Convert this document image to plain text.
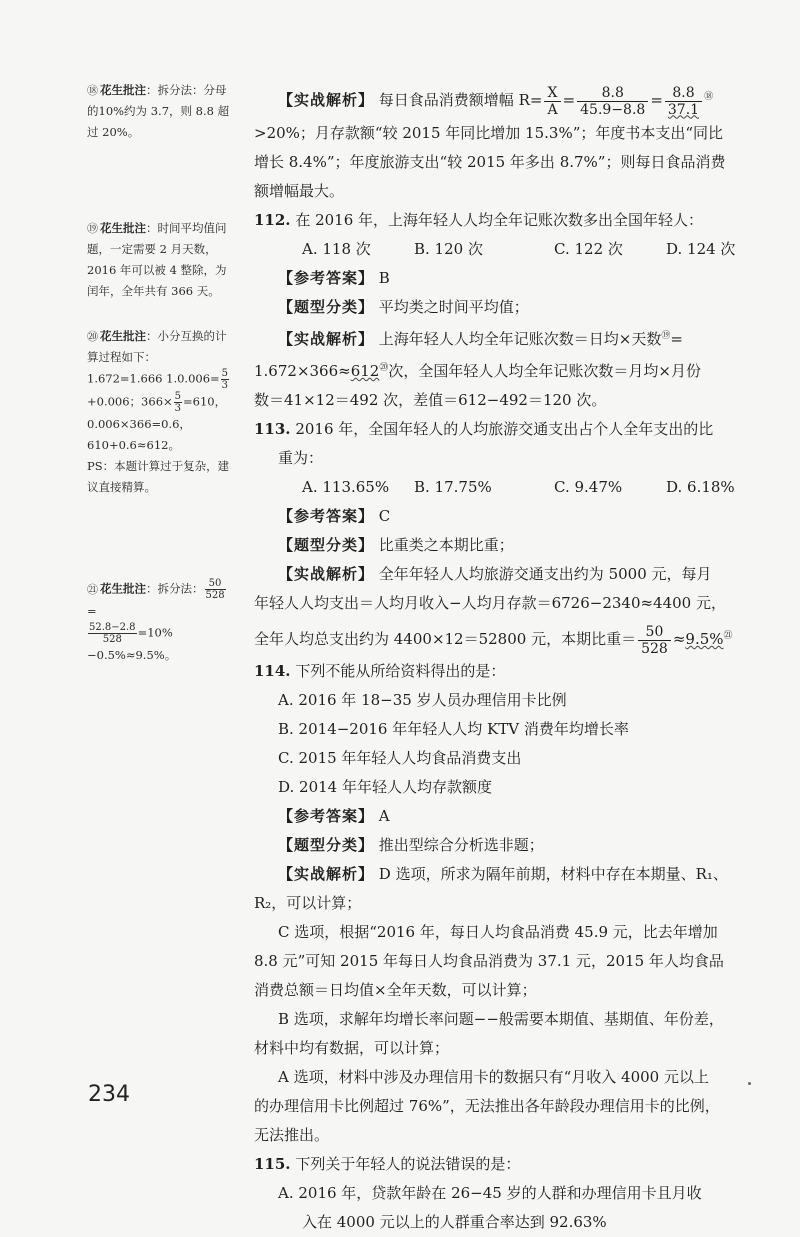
⑱ 花生批注：拆分法：分母的10%约为 3.7，则 8.8 超过 20%。
⑲ 花生批注：时间平均值问题，一定需要 2 月天数，2016 年可以被 4 整除，为闰年，全年共有 366 天。
⑳ 花生批注：小分互换的计算过程如下：
1.672=1.666 $1.0.006= \frac{5}{3}$
+0.006；$366\times \frac{5}{3} =610$，0.006×366=0.6，610+0.6≈612。
PS：本题计算过于复杂，建议直接精算。
㉑ 花生批注：拆分法： $\frac{50}{528}$
=

$\frac{52.8-2.8}{528} =10\%-0.5\%\approx 9.5\%$。
【实战解析】 每日食品消费额增幅 $R= \frac{X}{A} = \frac{8.8}{45.9-8.8} = \frac{8.8}{37.1} ^⑱$
>20%；月存款额“较 2015 年同比增加 15.3%”；年度书本支出“同比
增长 8.4%”；年度旅游支出“较 2015 年多出 8.7%”；则每日食品消费
额增幅最大。
112. 在 2016 年，上海年轻人人均全年记账次数多出全国年轻人：
A. 118 次	B. 120 次	C. 122 次	D. 124 次
【参考答案】 B
【题型分类】 平均类之时间平均值；
【实战解析】 上海年轻人人均全年记账次数＝日均×天数⑲=
1.672×366≈612⑳次，全国年轻人人均全年记账次数＝月均×月份
数＝41×12＝492 次，差值＝612−492＝120 次。
113. 2016 年，全国年轻人的人均旅游交通支出占个人全年支出的比
重为：
A. 113.65%	B. 17.75%	C. 9.47%	D. 6.18%
【参考答案】 C
【题型分类】 比重类之本期比重；
【实战解析】 全年年轻人人均旅游交通支出约为 5000 元，每月
年轻人人均支出＝人均月收入−人均月存款＝6726−2340≈4400 元，
全年人均总支出约为 4400×12＝52800 元，本期比重＝ $\frac{50}{528} \approx 9.5\%^㉑$
114. 下列不能从所给资料得出的是：
A. 2016 年 18−35 岁人员办理信用卡比例
B. 2014−2016 年年轻人人均 KTV 消费年均增长率
C. 2015 年年轻人人均食品消费支出
D. 2014 年年轻人人均存款额度
【参考答案】 A
【题型分类】 推出型综合分析选非题；
【实战解析】 D 选项，所求为隔年前期，材料中存在本期量、R₁、
R₂，可以计算；
C 选项，根据“2016 年，每日人均食品消费 45.9 元，比去年增加
8.8 元”可知 2015 年每日人均食品消费为 37.1 元，2015 年人均食品
消费总额＝日均值×全年天数，可以计算；
B 选项，求解年均增长率问题−−般需要本期值、基期值、年份差，
材料中均有数据，可以计算；
A 选项，材料中涉及办理信用卡的数据只有“月收入 4000 元以上
的办理信用卡比例超过 76%”，无法推出各年龄段办理信用卡的比例，
无法推出。
115. 下列关于年轻人的说法错误的是：
A. 2016 年，贷款年龄在 26−45 岁的人群和办理信用卡且月收
入在 4000 元以上的人群重合率达到 92.63%
234
